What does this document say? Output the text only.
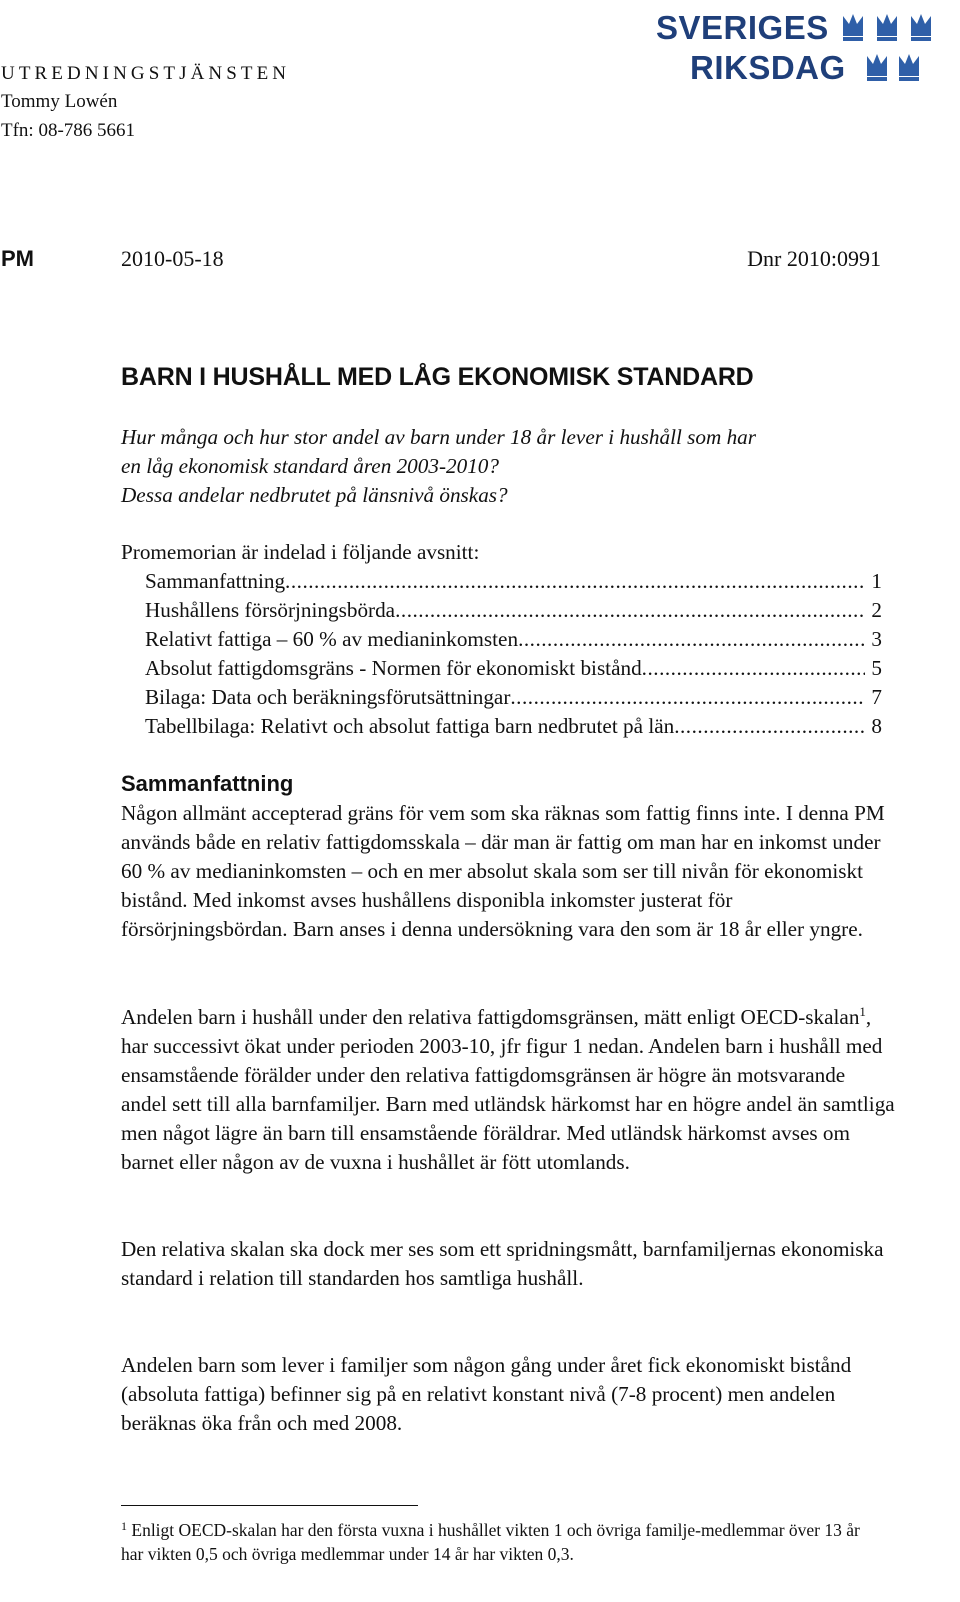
UTREDNINGSTJÄNSTEN
Tommy Lowén
Tfn: 08-786 5661
SVERIGES
RIKSDAG
PM	2010-05-18	Dnr 2010:0991
BARN I HUSHÅLL MED LÅG EKONOMISK STANDARD

Hur många och hur stor andel av barn under 18 år lever i hushåll som har

en låg ekonomisk standard åren 2003-2010?

Dessa andelar nedbrutet på länsnivå önskas?

Promemorian är indelad i följande avsnitt:
Sammanfattning .....	1
Hushållens försörjningsbörda .....	2
Relativt fattiga – 60 % av medianinkomsten .....	3
Absolut fattigdomsgräns - Normen för ekonomiskt bistånd .....	5
Bilaga: Data och beräkningsförutsättningar .....	7
Tabellbilaga: Relativt och absolut fattiga barn nedbrutet på län .....	8
Sammanfattning

Någon allmänt accepterad gräns för vem som ska räknas som fattig finns inte. I denna PM används både en relativ fattigdomsskala – där man är fattig om man har en inkomst under 60 % av medianinkomsten – och en mer absolut skala som ser till nivån för ekonomiskt bistånd. Med inkomst avses hushållens disponibla inkomster justerat för försörjningsbördan. Barn anses i denna undersökning vara den som är 18 år eller yngre.

Andelen barn i hushåll under den relativa fattigdomsgränsen, mätt enligt OECD-skalan$^1$, har successivt ökat under perioden 2003-10, jfr figur 1 nedan. Andelen barn i hushåll med ensamstående förälder under den relativa fattigdomsgränsen är högre än motsvarande andel sett till alla barnfamiljer. Barn med utländsk härkomst har en högre andel än samtliga men något lägre än barn till ensamstående föräldrar. Med utländsk härkomst avses om barnet eller någon av de vuxna i hushållet är fött utomlands.

Den relativa skalan ska dock mer ses som ett spridningsmått, barnfamiljernas ekonomiska standard i relation till standarden hos samtliga hushåll.

Andelen barn som lever i familjer som någon gång under året fick ekonomiskt bistånd (absoluta fattiga) befinner sig på en relativt konstant nivå (7-8 procent) men andelen beräknas öka från och med 2008.

$^1$ Enligt OECD-skalan har den första vuxna i hushållet vikten 1 och övriga familje-medlemmar över 13 år har vikten 0,5 och övriga medlemmar under 14 år har vikten 0,3.
